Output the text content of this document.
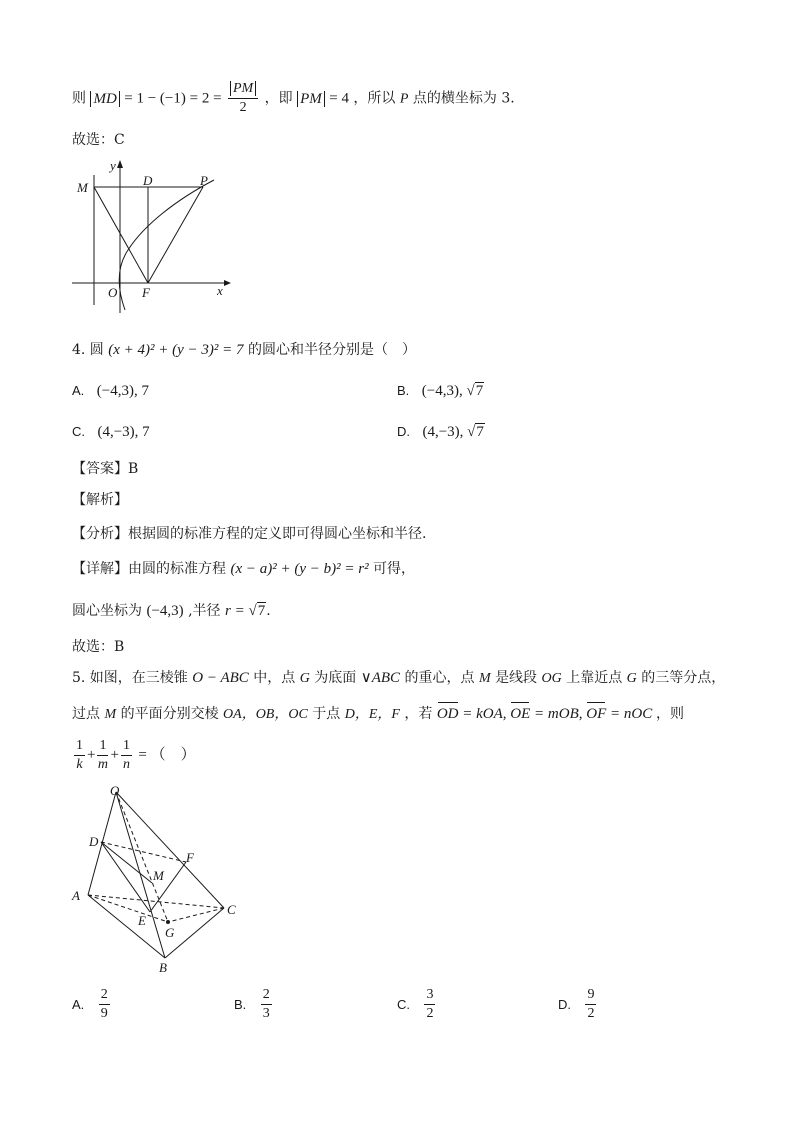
则 MD = $1 - (-1) = 2 = \frac{PM}{2}$ ，即 PM = 4 ，所以 P 点的横坐标为 3.
故选：C
y
M	D	P
O F	x
4. 圆 (x + 4)² + (y − 3)² = 7 的圆心和半径分别是（　）
A. (−4,3), 7	B. (−4,3), √7
C. (4,−3), 7	D. (4,−3), √7
【答案】B
【解析】
【分析】根据圆的标准方程的定义即可得圆心坐标和半径.
【详解】由圆的标准方程 (x − a)² + (y − b)² = r² 可得，
圆心坐标为 (−4,3) ,半径 r = √7.
故选：B
5. 如图，在三棱锥 O − ABC 中，点 G 为底面 ∨ABC 的重心，点 M 是线段 OG 上靠近点 G 的三等分点，
过点 M 的平面分别交棱 OA，OB，OC 于点 D，E，F ，若 OD = kOA, OE = mOB, OF = nOC ，则
$\frac{1}{k} + \frac{1}{m} + \frac{1}{n}$ = （　）
O
D
F
M
A
C
E
G
B
A. $\frac{2}{9}$	B. $\frac{2}{3}$	C. $\frac{3}{2}$	D. $\frac{9}{2}$
